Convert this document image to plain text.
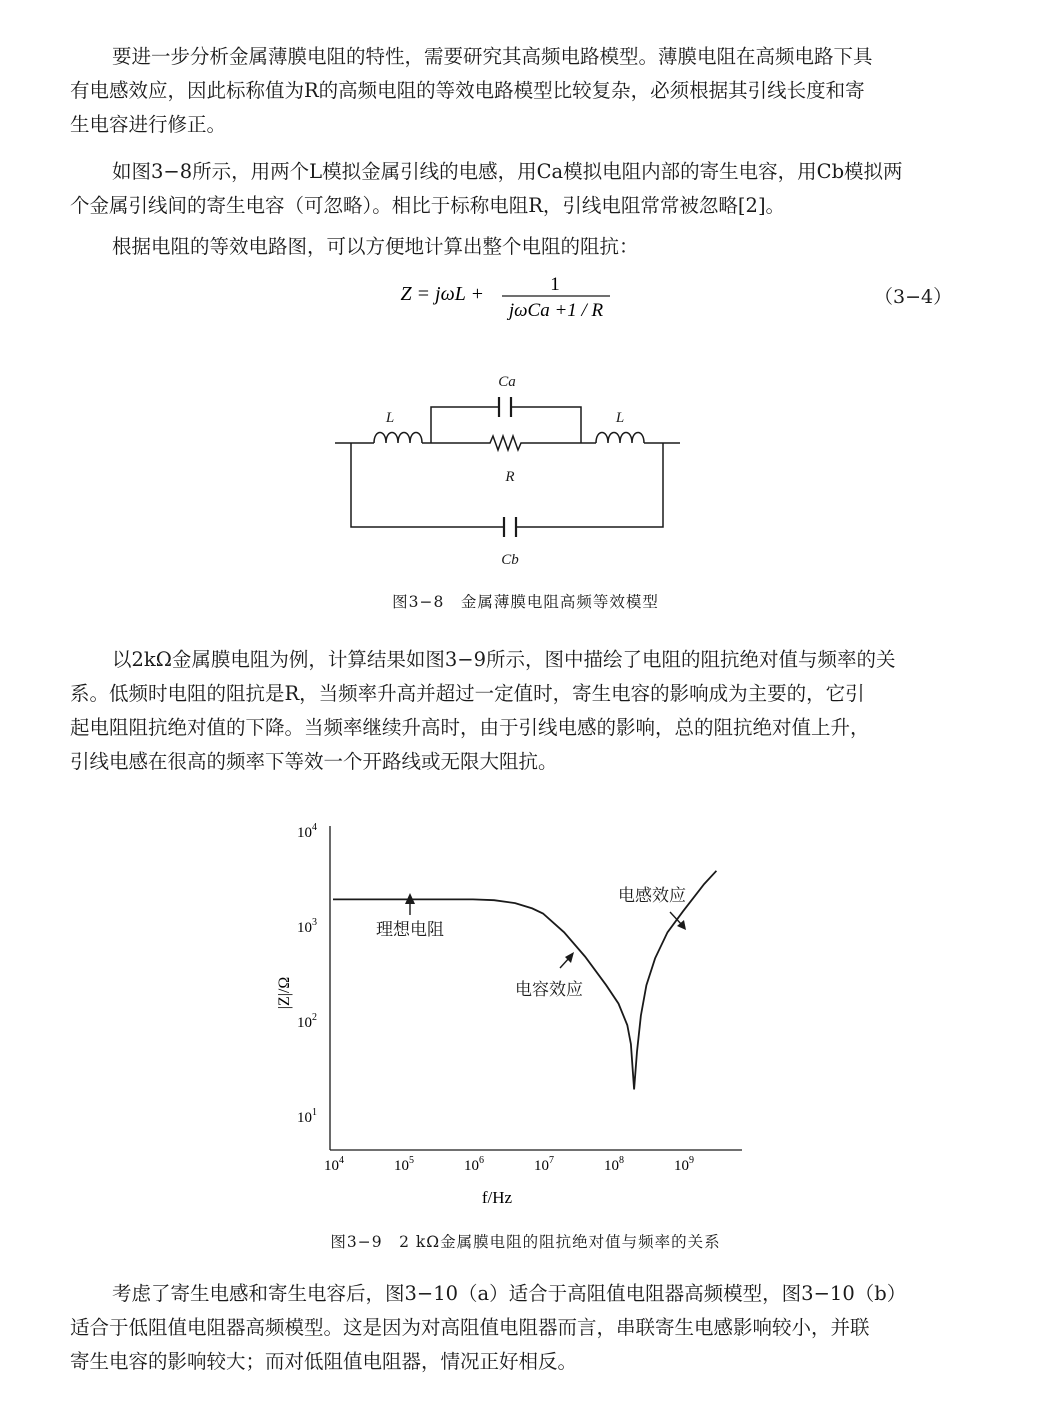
要进一步分析金属薄膜电阻的特性，需要研究其高频电路模型。薄膜电阻在高频电路下具
有电感效应，因此标称值为R的高频电阻的等效电路模型比较复杂，必须根据其引线长度和寄
生电容进行修正。

如图3−8所示，用两个L模拟金属引线的电感，用Ca模拟电阻内部的寄生电容，用Cb模拟两
个金属引线间的寄生电容（可忽略）。相比于标称电阻R，引线电阻常常被忽略[2]。

根据电阻的等效电路图，可以方便地计算出整个电阻的阻抗：

Z = jωL +	1
jωCa +1 / R
（3−4）
Ca
L	L
R
Cb
图3−8　金属薄膜电阻高频等效模型

以2kΩ金属膜电阻为例，计算结果如图3−9所示，图中描绘了电阻的阻抗绝对值与频率的关
系。低频时电阻的阻抗是R，当频率升高并超过一定值时，寄生电容的影响成为主要的，它引
起电阻阻抗绝对值的下降。当频率继续升高时，由于引线电感的影响，总的阻抗绝对值上升，
引线电感在很高的频率下等效一个开路线或无限大阻抗。

$10^4$	$10^5$	$10^6$	$10^7$	$10^8$	$10^9$
$10^1$
$10^2$
$10^3$
$10^4$
f/Hz
|Z|/Ω
理想电阻
电容效应
电感效应
图3−9　2 kΩ金属膜电阻的阻抗绝对值与频率的关系

考虑了寄生电感和寄生电容后，图3−10（a）适合于高阻值电阻器高频模型，图3−10（b）
适合于低阻值电阻器高频模型。这是因为对高阻值电阻器而言，串联寄生电感影响较小，并联
寄生电容的影响较大；而对低阻值电阻器，情况正好相反。
